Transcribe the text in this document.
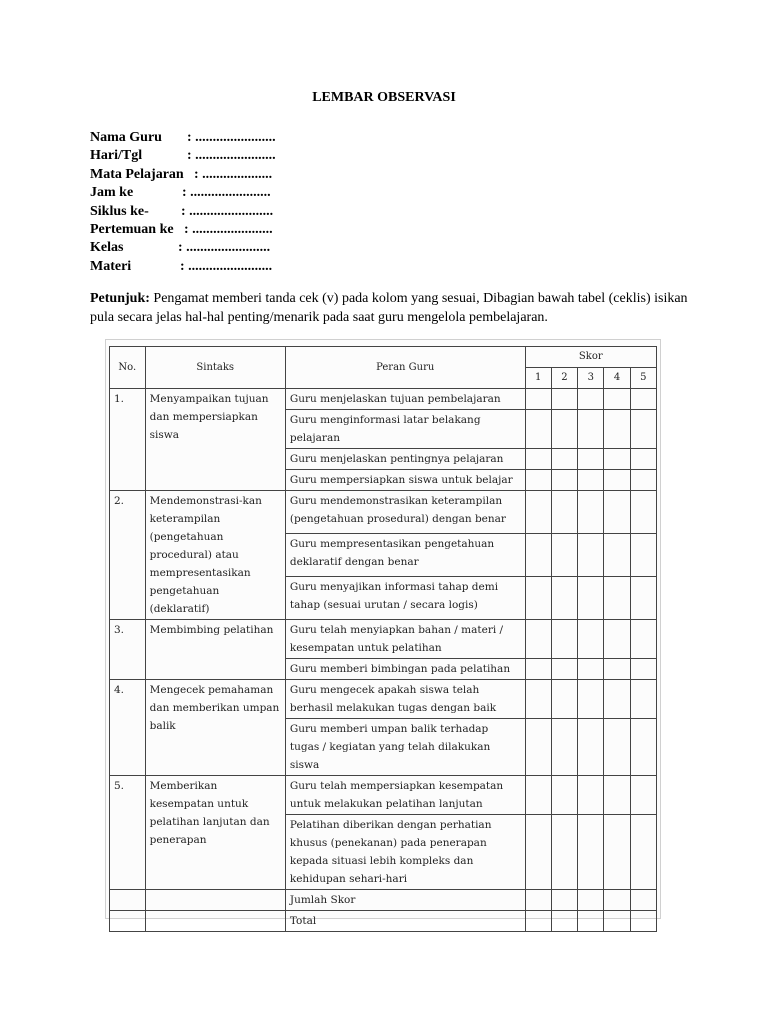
LEMBAR OBSERVASI
Nama Guru : .......................
Hari/Tgl	: .......................
Mata Pelajaran : ....................
Jam ke	: .......................
Siklus ke- : ........................
Pertemuan ke : .......................
Kelas	: ........................
Materi	: ........................
Petunjuk: Pengamat memberi tanda cek (v) pada kolom yang sesuai, Dibagian bawah tabel (ceklis) isikan pula secara jelas hal-hal penting/menarik pada saat guru mengelola pembelajaran.
No.	Sintaks	Peran Guru	Skor				
			1	2	3	4	5
1.	Menyampaikan tujuan dan mempersiapkan siswa	Guru menjelaskan tujuan pembelajaran					
		Guru menginformasi latar belakang pelajaran					
		Guru menjelaskan pentingnya pelajaran					
		Guru mempersiapkan siswa untuk belajar					
2.	Mendemonstrasi-kan keterampilan (pengetahuan procedural) atau mempresentasikan pengetahuan (deklaratif)	Guru mendemonstrasikan keterampilan (pengetahuan prosedural) dengan benar					
		Guru mempresentasikan pengetahuan deklaratif dengan benar					
		Guru menyajikan informasi tahap demi tahap (sesuai urutan / secara logis)					
3.	Membimbing pelatihan	Guru telah menyiapkan bahan / materi / kesempatan untuk pelatihan					
		Guru memberi bimbingan pada pelatihan					
4.	Mengecek pemahaman dan memberikan umpan balik	Guru mengecek apakah siswa telah berhasil melakukan tugas dengan baik					
		Guru memberi umpan balik terhadap tugas / kegiatan yang telah dilakukan siswa					
5.	Memberikan kesempatan untuk pelatihan lanjutan dan penerapan	Guru telah mempersiapkan kesempatan untuk melakukan pelatihan lanjutan					
		Pelatihan diberikan dengan perhatian khusus (penekanan) pada penerapan kepada situasi lebih kompleks dan kehidupan sehari-hari					
		Jumlah Skor					
		Total					
